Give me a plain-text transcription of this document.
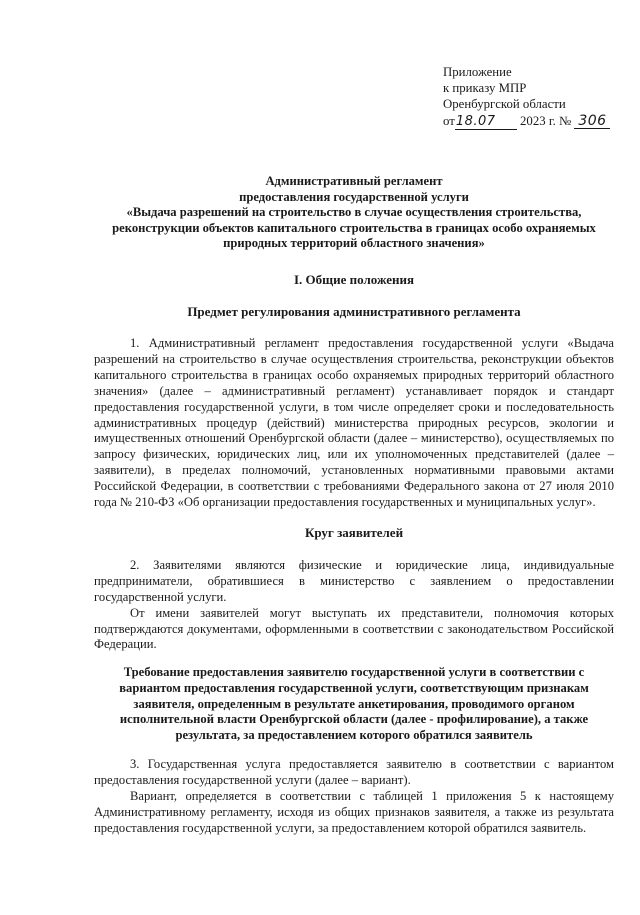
Приложение
к приказу МПР
Оренбургской области
от18.07 2023 г. № 306
Административный регламент
предоставления государственной услуги
«Выдача разрешений на строительство в случае осуществления строительства,
реконструкции объектов капитального строительства в границах особо охраняемых
природных территорий областного значения»
I. Общие положения
Предмет регулирования административного регламента

1. Административный регламент предоставления государственной услуги «Выдача разрешений на строительство в случае осуществления строительства, реконструкции объектов капитального строительства в границах особо охраняемых природных территорий областного значения» (далее – административный регламент) устанавливает порядок и стандарт предоставления государственной услуги, в том числе определяет сроки и последовательность административных процедур (действий) министерства природных ресурсов, экологии и имущественных отношений Оренбургской области (далее – министерство), осуществляемых по запросу физических, юридических лиц, или их уполномоченных представителей (далее – заявители), в пределах полномочий, установленных нормативными правовыми актами Российской Федерации, в соответствии с требованиями Федерального закона от 27 июля 2010 года № 210-ФЗ «Об организации предоставления государственных и муниципальных услуг».

Круг заявителей

2. Заявителями являются физические и юридические лица, индивидуальные предприниматели, обратившиеся в министерство с заявлением о предоставлении государственной услуги.

От имени заявителей могут выступать их представители, полномочия которых подтверждаются документами, оформленными в соответствии с законодательством Российской Федерации.

Требование предоставления заявителю государственной услуги в соответствии с
вариантом предоставления государственной услуги, соответствующим признакам
заявителя, определенным в результате анкетирования, проводимого органом
исполнительной власти Оренбургской области (далее - профилирование), а также
результата, за предоставлением которого обратился заявитель

3. Государственная услуга предоставляется заявителю в соответствии с вариантом предоставления государственной услуги (далее – вариант).

Вариант, определяется в соответствии с таблицей 1 приложения 5 к настоящему Административному регламенту, исходя из общих признаков заявителя, а также из результата предоставления государственной услуги, за предоставлением которой обратился заявитель.
